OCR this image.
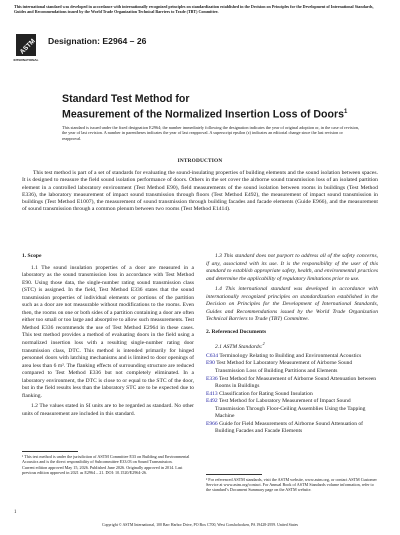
This international standard was developed in accordance with internationally recognized principles on standardization established in the Decision on Principles for the Development of International Standards, Guides and Recommendations issued by the World Trade Organization Technical Barriers to Trade (TBT) Committee.
ASTM
INTERNATIONAL
Designation: E2964 – 26
Standard Test Method for
Measurement of the Normalized Insertion Loss of Doors$^1$
This standard is issued under the fixed designation E2964; the number immediately following the designation indicates the year of original adoption or, in the case of revision, the year of last revision. A number in parentheses indicates the year of last reapproval. A superscript epsilon (ε) indicates an editorial change since the last revision or reapproval.
INTRODUCTION
This test method is part of a set of standards for evaluating the sound-insulating properties of building elements and the sound isolation between spaces. It is designed to measure the field sound isolation performance of doors. Others in the set cover the airborne sound transmission loss of an isolated partition element in a controlled laboratory environment (Test Method E90), field measurements of the sound isolation between rooms in buildings (Test Method E336), the laboratory measurement of impact sound transmission through floors (Test Method E492), the measurement of impact sound transmission in buildings (Test Method E1007), the measurement of sound transmission through building facades and facade elements (Guide E966), and the measurement of sound transmission through a common plenum between two rooms (Test Method E1414).
1. Scope
1.1 The sound insulation properties of a door are measured in a laboratory as the sound transmission loss in accordance with Test Method E90. Using those data, the single-number rating sound transmission class (STC) is assigned. In the field, Test Method E336 states that the sound transmission properties of individual elements or portions of the partition such as a door are not measurable without modifications to the rooms. Even then, the rooms on one or both sides of a partition containing a door are often either too small or too large and absorptive to allow such measurements. Test Method E336 recommends the use of Test Method E2964 in these cases. This test method provides a method of evaluating doors in the field using a normalized insertion loss with a resulting single-number rating door transmission class, DTC. This method is intended primarily for hinged personnel doors with latching mechanisms and is limited to door openings of area less than 6 m². The flanking effects of surrounding structure are reduced compared to Test Method E336 but not completely eliminated. In a laboratory environment, the DTC is close to or equal to the STC of the door, but in the field results less than the laboratory STC are to be expected due to flanking.
1.2 The values stated in SI units are to be regarded as standard. No other units of measurement are included in this standard.
1.3 This standard does not purport to address all of the safety concerns, if any, associated with its use. It is the responsibility of the user of this standard to establish appropriate safety, health, and environmental practices and determine the applicability of regulatory limitations prior to use.
1.4 This international standard was developed in accordance with internationally recognized principles on standardization established in the Decision on Principles for the Development of International Standards, Guides and Recommendations issued by the World Trade Organization Technical Barriers to Trade (TBT) Committee.
2. Referenced Documents
2.1 ASTM Standards:$^2$
C634 Terminology Relating to Building and Environmental Acoustics
E90 Test Method for Laboratory Measurement of Airborne Sound Transmission Loss of Building Partitions and Elements
E336 Test Method for Measurement of Airborne Sound Attenuation between Rooms in Buildings
E413 Classification for Rating Sound Insulation
E492 Test Method for Laboratory Measurement of Impact Sound Transmission Through Floor-Ceiling Assemblies Using the Tapping Machine
E966 Guide for Field Measurements of Airborne Sound Attenuation of Building Facades and Facade Elements
¹ This test method is under the jurisdiction of ASTM Committee E33 on Building and Environmental Acoustics and is the direct responsibility of Subcommittee E33.03 on Sound Transmission.
Current edition approved May 15, 2026. Published June 2026. Originally approved in 2014. Last previous edition approved in 2021 as E2964 – 21. DOI: 10.1520/E2964-26.
² For referenced ASTM standards, visit the ASTM website, www.astm.org, or contact ASTM Customer Service at www.astm.org/contact. For Annual Book of ASTM Standards volume information, refer to the standard’s Document Summary page on the ASTM website.
1
Copyright © ASTM International, 100 Barr Harbor Drive, PO Box C700, West Conshohocken, PA 19428-2959. United States
